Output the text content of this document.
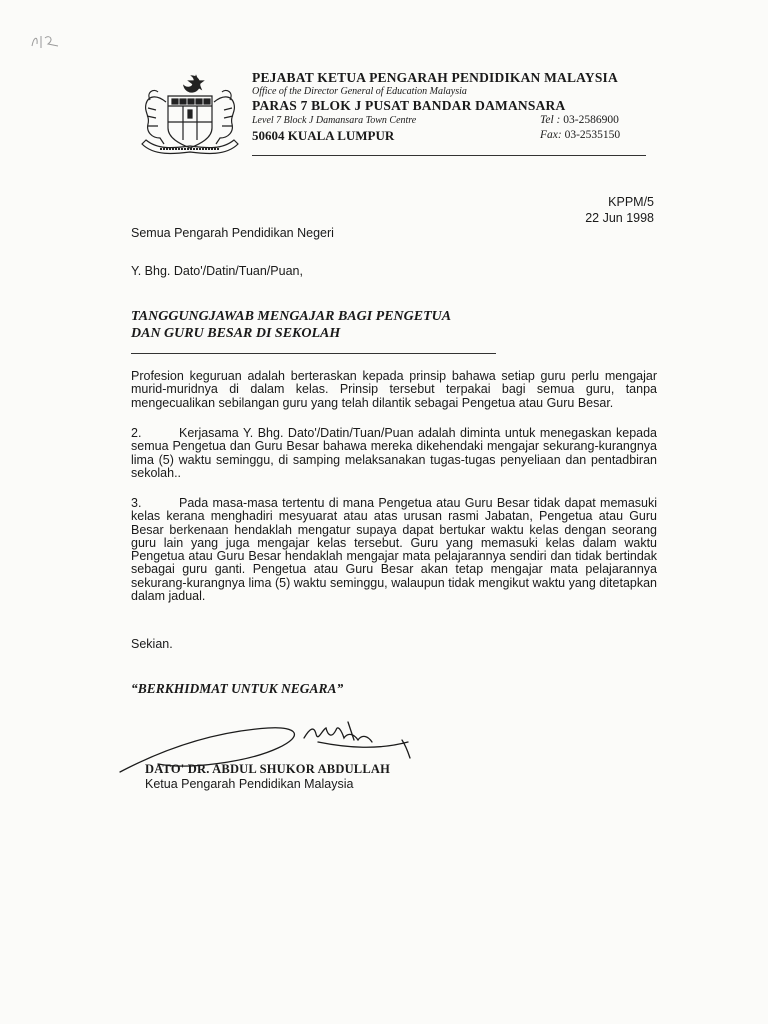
PEJABAT KETUA PENGARAH PENDIDIKAN MALAYSIA
Office of the Director General of Education Malaysia
PARAS 7 BLOK J PUSAT BANDAR DAMANSARA
Level 7 Block J Damansara Town Centre
50604 KUALA LUMPUR
Tel : 03-2586900
Fax: 03-2535150
KPPM/5
22 Jun 1998
Semua Pengarah Pendidikan Negeri
Y. Bhg. Dato'/Datin/Tuan/Puan,
TANGGUNGJAWAB MENGAJAR BAGI PENGETUA
DAN GURU BESAR DI SEKOLAH
Profesion keguruan adalah berteraskan kepada prinsip bahawa setiap guru perlu mengajar murid-muridnya di dalam kelas. Prinsip tersebut terpakai bagi semua guru, tanpa mengecualikan sebilangan guru yang telah dilantik sebagai Pengetua atau Guru Besar.
2.	Kerjasama Y. Bhg. Dato'/Datin/Tuan/Puan adalah diminta untuk menegaskan kepada semua Pengetua dan Guru Besar bahawa mereka dikehendaki mengajar sekurang-kurangnya lima (5) waktu seminggu, di samping melaksanakan tugas-tugas penyeliaan dan pentadbiran sekolah..
3.	Pada masa-masa tertentu di mana Pengetua atau Guru Besar tidak dapat memasuki kelas kerana menghadiri mesyuarat atau atas urusan rasmi Jabatan, Pengetua atau Guru Besar berkenaan hendaklah mengatur supaya dapat bertukar waktu kelas dengan seorang guru lain yang juga mengajar kelas tersebut. Guru yang memasuki kelas dalam waktu Pengetua atau Guru Besar hendaklah mengajar mata pelajarannya sendiri dan tidak bertindak sebagai guru ganti. Pengetua atau Guru Besar akan tetap mengajar mata pelajarannya sekurang-kurangnya lima (5) waktu seminggu, walaupun tidak mengikut waktu yang ditetapkan dalam jadual.
Sekian.
“BERKHIDMAT UNTUK NEGARA”
DATO' DR. ABDUL SHUKOR ABDULLAH
Ketua Pengarah Pendidikan Malaysia
